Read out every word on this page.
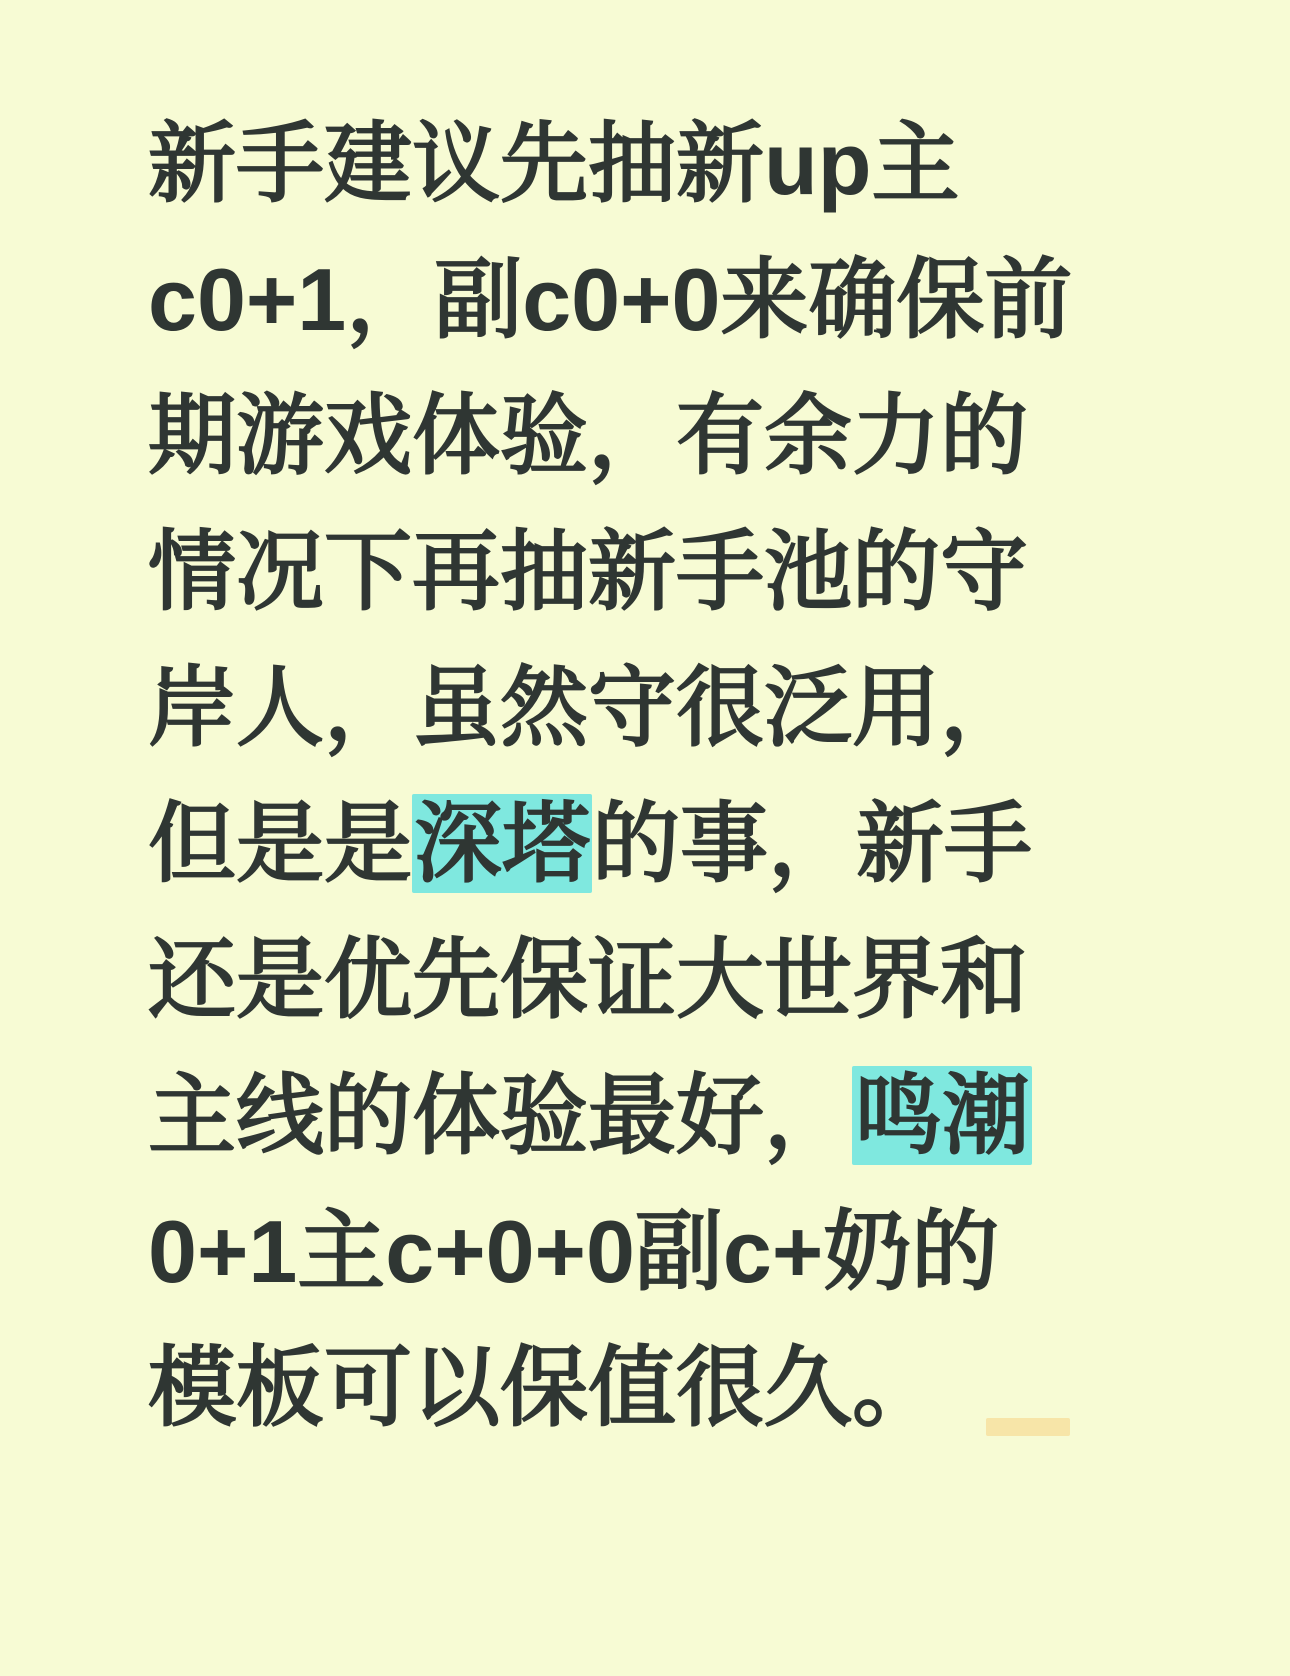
新手建议先抽新up主
c0+1，副c0+0来确保前
期游戏体验，有余力的
情况下再抽新手池的守
岸人，虽然守很泛用，
但是是深塔的事，新手
还是优先保证大世界和
主线的体验最好，鸣潮
0+1主c+0+0副c+奶的
模板可以保值很久。
